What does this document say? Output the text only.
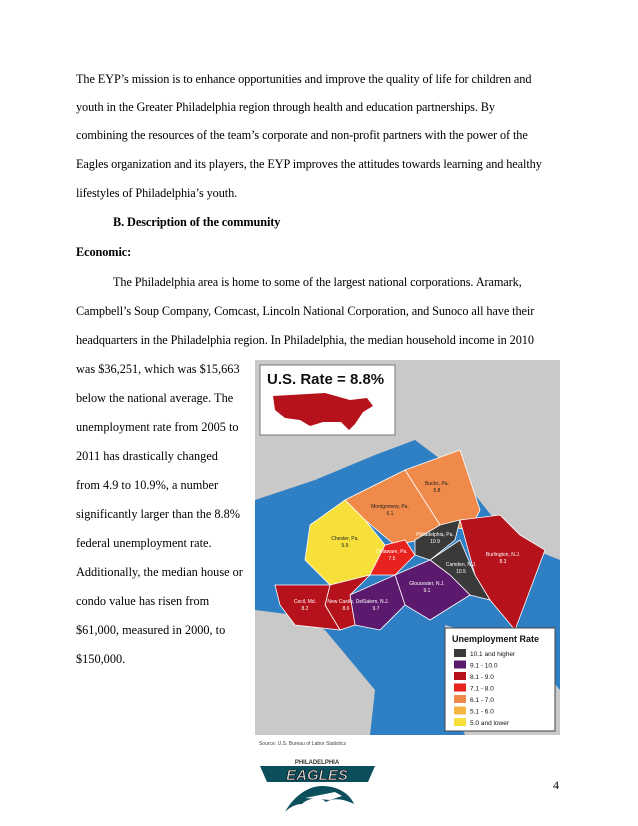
The EYP’s mission is to enhance opportunities and improve the quality of life for children and
youth in the Greater Philadelphia region through health and education partnerships. By
combining the resources of the team’s corporate and non-profit partners with the power of the
Eagles organization and its players, the EYP improves the attitudes towards learning and healthy
lifestyles of Philadelphia’s youth.
B. Description of the community
Economic:
The Philadelphia area is home to some of the largest national corporations. Aramark,
Campbell’s Soup Company, Comcast, Lincoln National Corporation, and Sunoco all have their
headquarters in the Philadelphia region. In Philadelphia, the median household income in 2010
was $36,251, which was $15,663
below the national average. The
unemployment rate from 2005 to
2011 has drastically changed
from 4.9 to 10.9%, a number
significantly larger than the 8.8%
federal unemployment rate.
Additionally, the median house or
condo value has risen from
$61,000, measured in 2000, to
$150,000.
Bucks, Pa.
5.8
Montgomery, Pa.
6.1
Chester, Pa.
5.9
Delaware, Pa.
7.5
Philadelphia, Pa.
10.9
Burlington, N.J.
8.3
Camden, N.J.
10.5
Gloucester, N.J.
9.1
Salem, N.J.
9.7
New Castle, Del.
8.6
Cecil, Md.
8.2
U.S. Rate = 8.8%
Unemployment Rate
10.1 and higher
9.1 - 10.0
8.1 - 9.0
7.1 - 8.0
6.1 - 7.0
5.1 - 6.0
5.0 and lower
Source: U.S. Bureau of Labor Statistics
PHILADELPHIA
EAGLES
4
